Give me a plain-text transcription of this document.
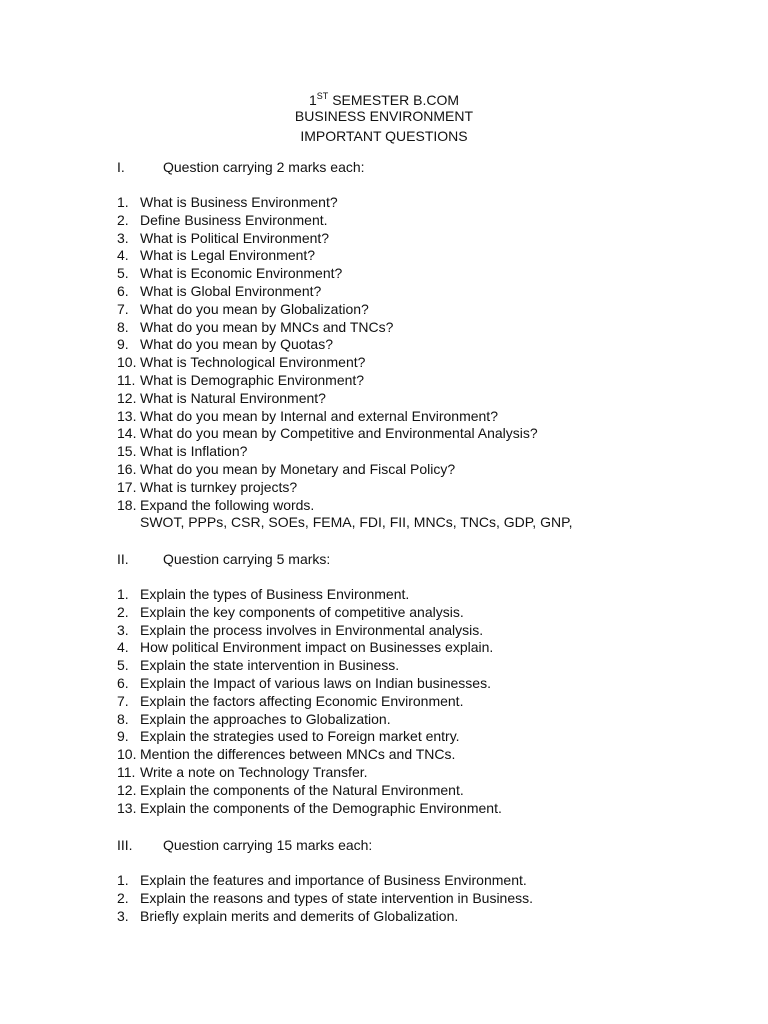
1ST SEMESTER B.COM
BUSINESS ENVIRONMENT
IMPORTANT QUESTIONS
I.	Question carrying 2 marks each:
1. What is Business Environment?
2. Define Business Environment.
3. What is Political Environment?
4. What is Legal Environment?
5. What is Economic Environment?
6. What is Global Environment?
7. What do you mean by Globalization?
8. What do you mean by MNCs and TNCs?
9. What do you mean by Quotas?
10. What is Technological Environment?
11. What is Demographic Environment?
12. What is Natural Environment?
13. What do you mean by Internal and external Environment?
14. What do you mean by Competitive and Environmental Analysis?
15. What is Inflation?
16. What do you mean by Monetary and Fiscal Policy?
17. What is turnkey projects?
18. Expand the following words.
SWOT, PPPs, CSR, SOEs, FEMA, FDI, FII, MNCs, TNCs, GDP, GNP,
II. Question carrying 5 marks:
1. Explain the types of Business Environment.
2. Explain the key components of competitive analysis.
3. Explain the process involves in Environmental analysis.
4. How political Environment impact on Businesses explain.
5. Explain the state intervention in Business.
6. Explain the Impact of various laws on Indian businesses.
7. Explain the factors affecting Economic Environment.
8. Explain the approaches to Globalization.
9. Explain the strategies used to Foreign market entry.
10. Mention the differences between MNCs and TNCs.
11. Write a note on Technology Transfer.
12. Explain the components of the Natural Environment.
13. Explain the components of the Demographic Environment.
III. Question carrying 15 marks each:
1. Explain the features and importance of Business Environment.
2. Explain the reasons and types of state intervention in Business.
3. Briefly explain merits and demerits of Globalization.
